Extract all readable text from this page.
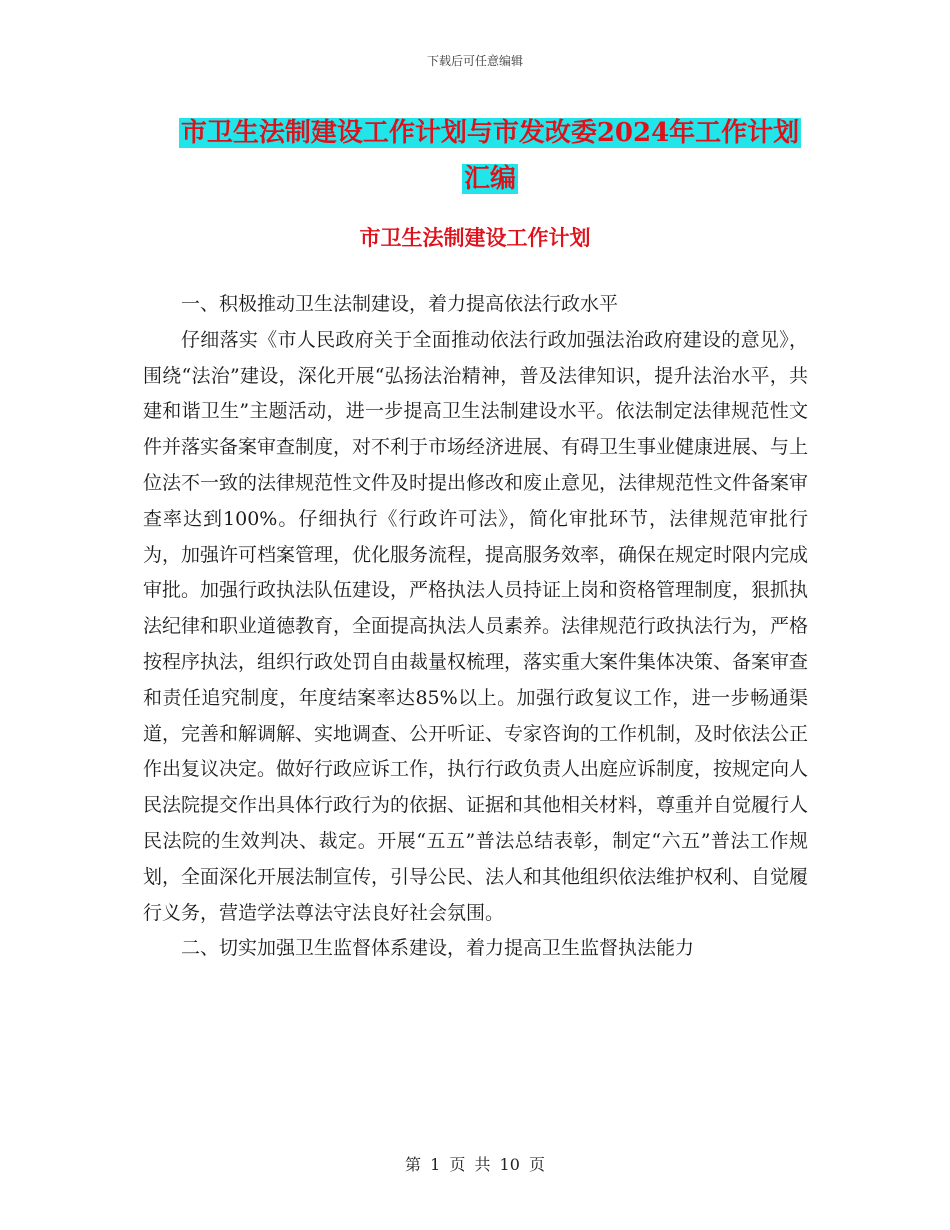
下载后可任意编辑
市卫生法制建设工作计划与市发改委2024年工作计划
汇编
市卫生法制建设工作计划

一、积极推动卫生法制建设，着力提高依法行政水平

仔细落实《市人民政府关于全面推动依法行政加强法治政府建设的意见》，围绕“法治”建设，深化开展“弘扬法治精神，普及法律知识，提升法治水平，共建和谐卫生”主题活动，进一步提高卫生法制建设水平。依法制定法律规范性文件并落实备案审查制度，对不利于市场经济进展、有碍卫生事业健康进展、与上位法不一致的法律规范性文件及时提出修改和废止意见，法律规范性文件备案审查率达到100%。仔细执行《行政许可法》，简化审批环节，法律规范审批行为，加强许可档案管理，优化服务流程，提高服务效率，确保在规定时限内完成审批。加强行政执法队伍建设，严格执法人员持证上岗和资格管理制度，狠抓执法纪律和职业道德教育，全面提高执法人员素养。法律规范行政执法行为，严格按程序执法，组织行政处罚自由裁量权梳理，落实重大案件集体决策、备案审查和责任追究制度，年度结案率达85%以上。加强行政复议工作，进一步畅通渠道，完善和解调解、实地调查、公开听证、专家咨询的工作机制，及时依法公正作出复议决定。做好行政应诉工作，执行行政负责人出庭应诉制度，按规定向人民法院提交作出具体行政行为的依据、证据和其他相关材料，尊重并自觉履行人民法院的生效判决、裁定。开展“五五”普法总结表彰，制定“六五”普法工作规划，全面深化开展法制宣传，引导公民、法人和其他组织依法维护权利、自觉履行义务，营造学法尊法守法良好社会氛围。

二、切实加强卫生监督体系建设，着力提高卫生监督执法能力

第 1 页 共 10 页
